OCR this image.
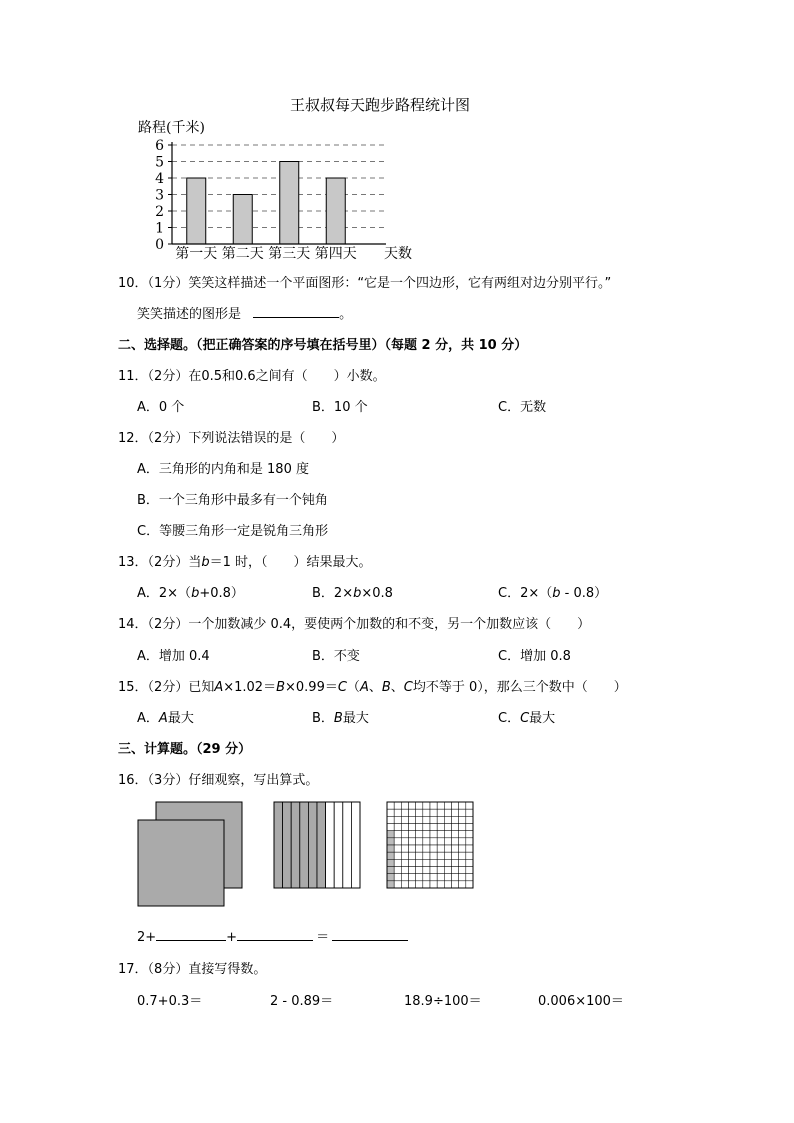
王叔叔每天跑步路程统计图
路程(千米)
0
1
2
3
4
5
6
第一天 第二天 第三天 第四天 天数
10．（1分）笑笑这样描述一个平面图形：“它是一个四边形，它有两组对边分别平行。”
笑笑描述的图形是	。
二、选择题。（把正确答案的序号填在括号里）（每题 2 分，共 10 分）
11．（2分）在0.5和0.6之间有（　　）小数。
A．0 个	B．10 个	C．无数
12．（2分）下列说法错误的是（　　）
A．三角形的内角和是 180 度
B．一个三角形中最多有一个钝角
C．等腰三角形一定是锐角三角形
13．（2分）当b＝1 时，（　　）结果最大。
A．2×（b+0.8）	B．2×b×0.8	C．2×（b - 0.8）
14．（2分）一个加数减少 0.4，要使两个加数的和不变，另一个加数应该（　　）
A．增加 0.4	B．不变	C．增加 0.8
15．（2分）已知A×1.02＝B×0.99＝C（A、B、C均不等于 0），那么三个数中（　　）
A．A最大	B．B最大	C．C最大
三、计算题。（29 分）
16．（3分）仔细观察，写出算式。
2+	+	＝
17．（8分）直接写得数。
0.7+0.3＝	2 - 0.89＝	18.9÷100＝	0.006×100＝
